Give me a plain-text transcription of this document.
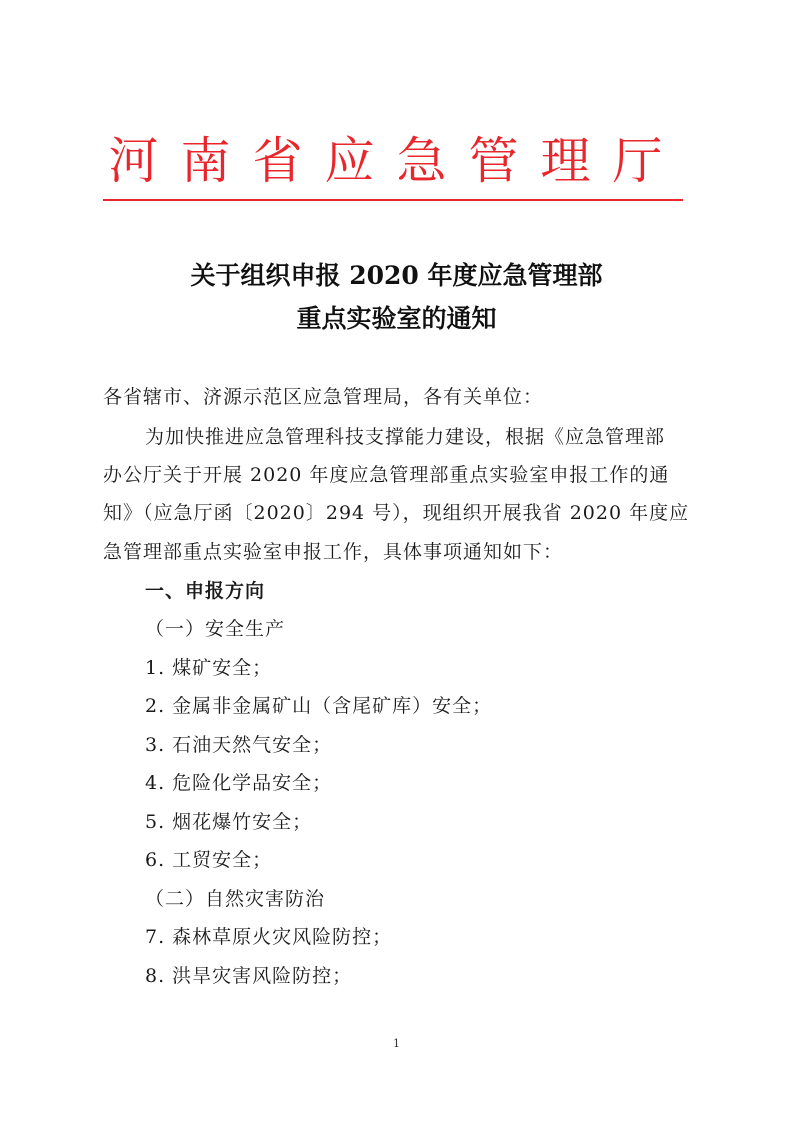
河南省应急管理厅
关于组织申报 2020 年度应急管理部
重点实验室的通知
各省辖市、济源示范区应急管理局，各有关单位：
为加快推进应急管理科技支撑能力建设，根据《应急管理部
办公厅关于开展 2020 年度应急管理部重点实验室申报工作的通
知》（应急厅函〔2020〕294 号），现组织开展我省 2020 年度应
急管理部重点实验室申报工作，具体事项通知如下：
一、申报方向
（一）安全生产
1. 煤矿安全；
2. 金属非金属矿山（含尾矿库）安全；
3. 石油天然气安全；
4. 危险化学品安全；
5. 烟花爆竹安全；
6. 工贸安全；
（二）自然灾害防治
7. 森林草原火灾风险防控；
8. 洪旱灾害风险防控；
1
